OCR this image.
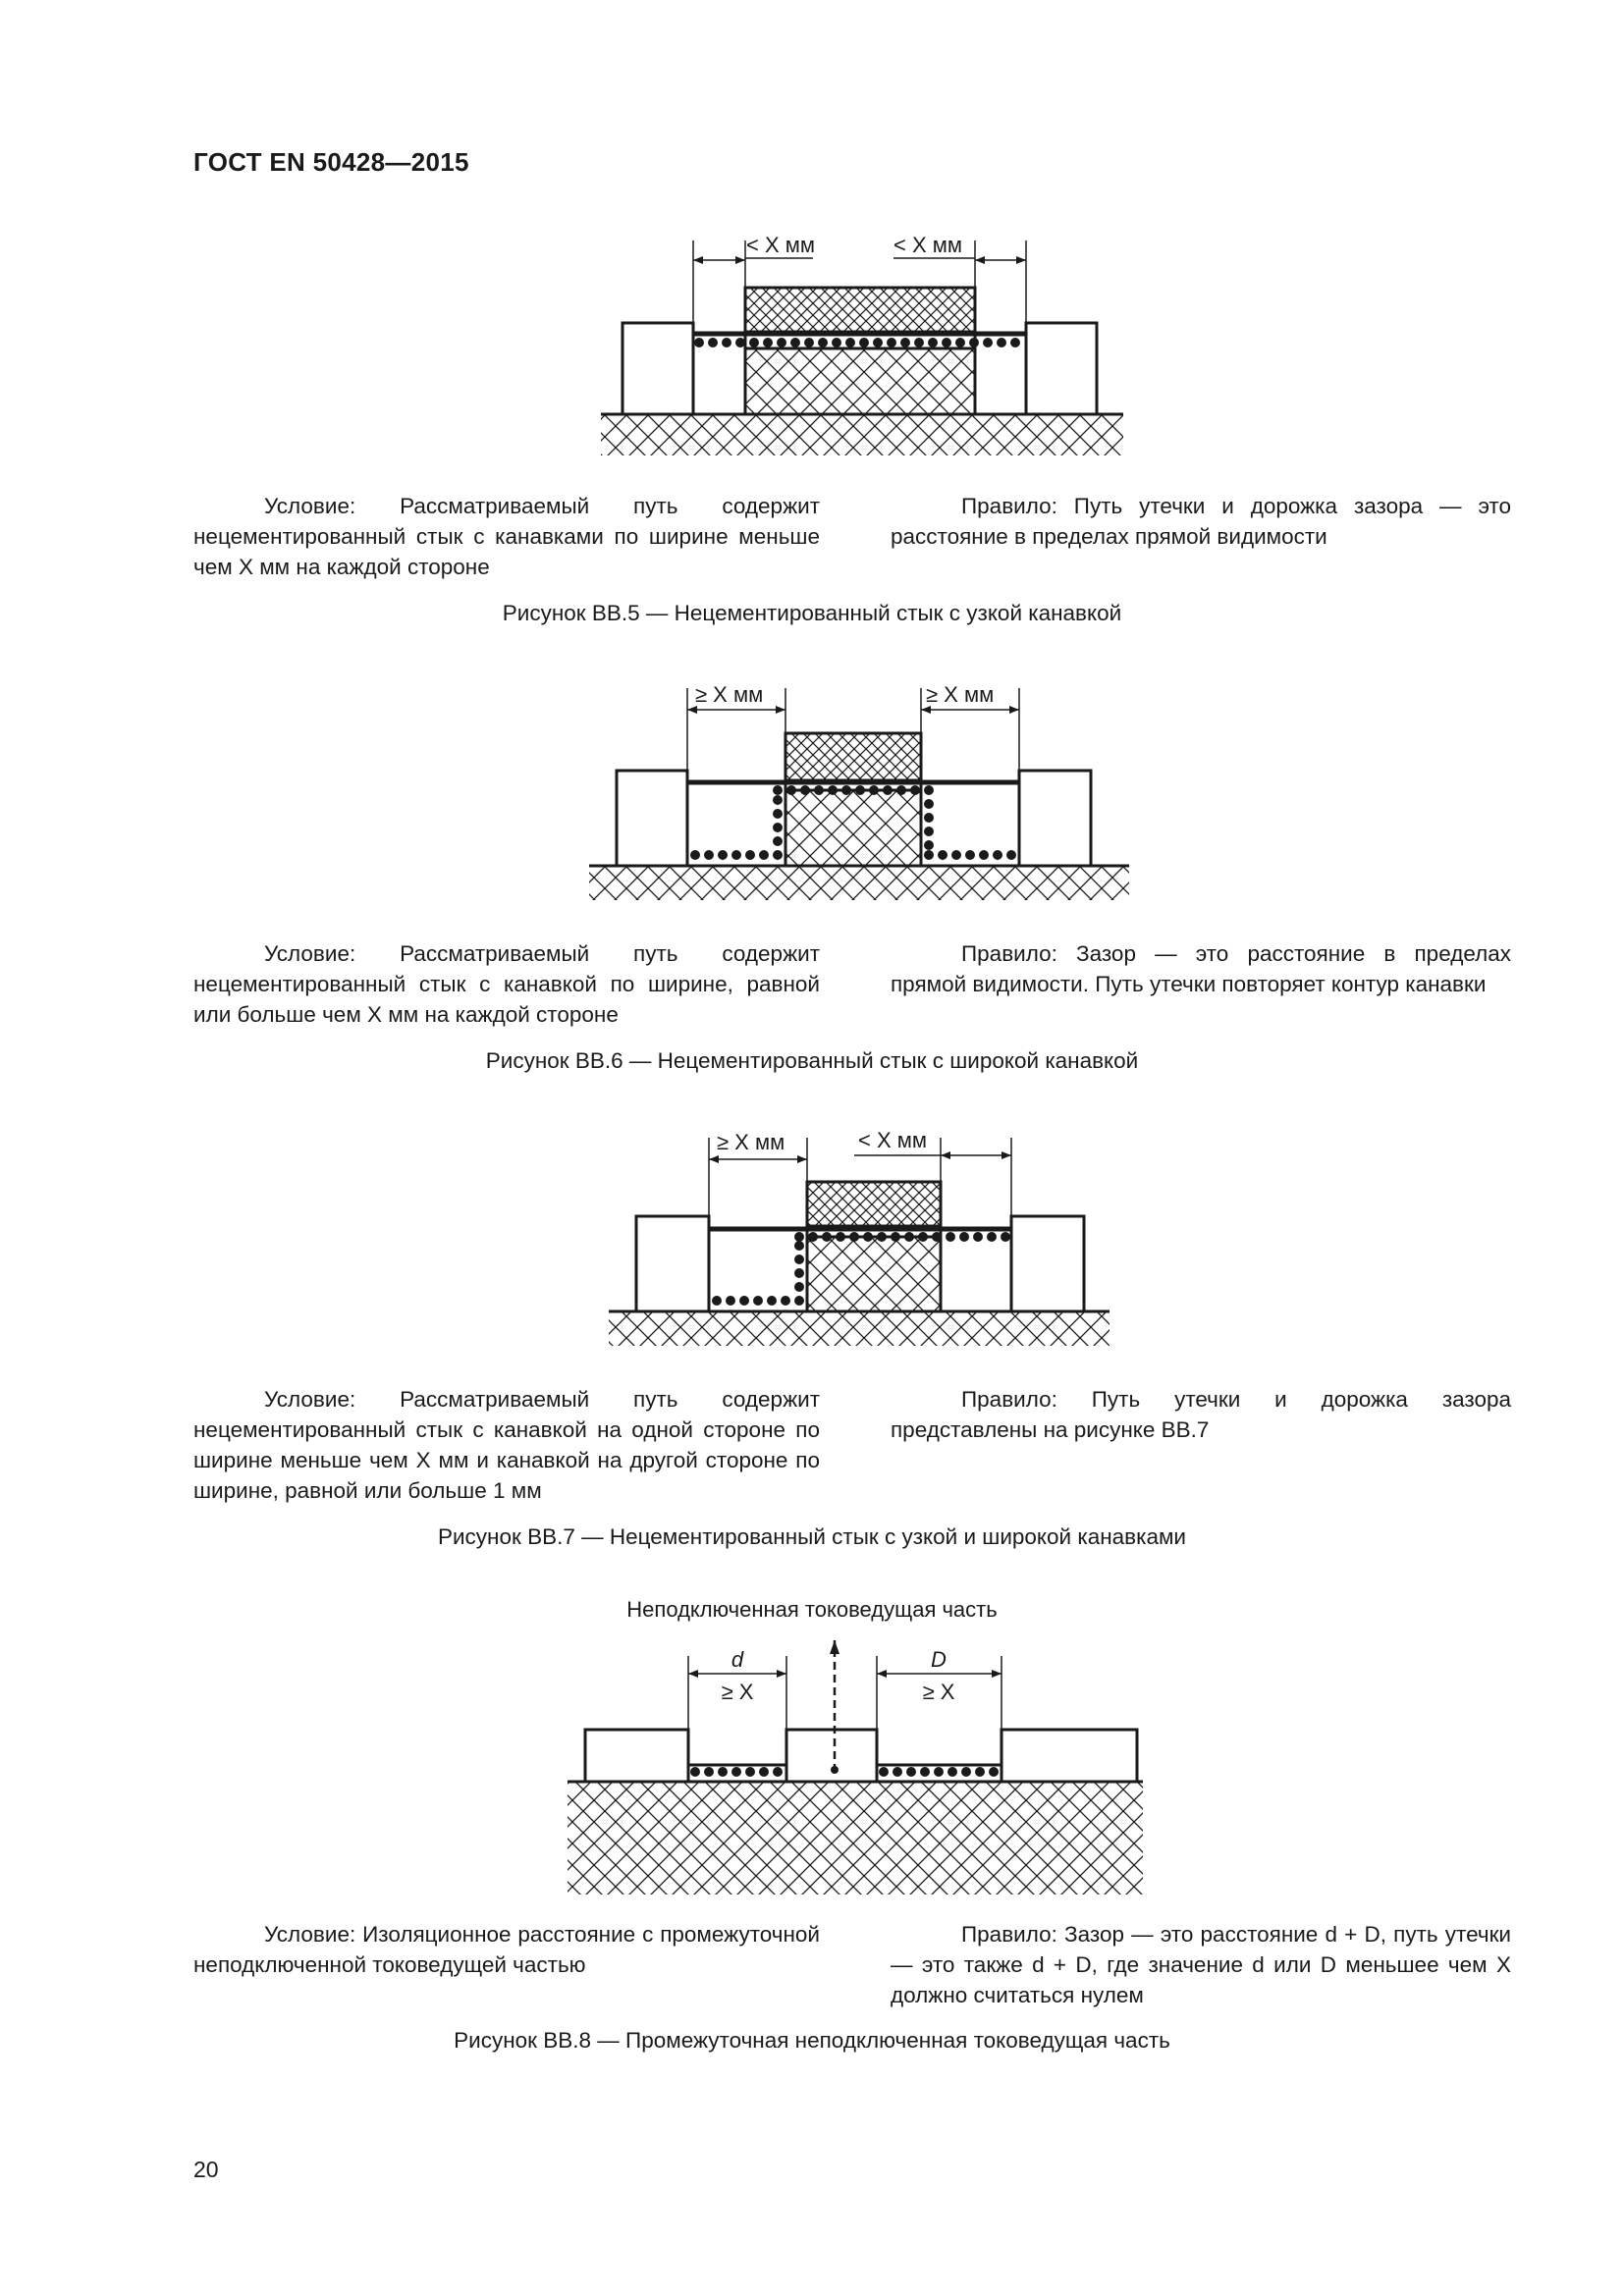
ГОСТ EN 50428—2015
< X мм	< X мм
Условие: Рассматриваемый путь содержит нецементированный стык с канавками по ширине меньше чем X мм на каждой стороне
Правило: Путь утечки и дорожка зазора — это расстояние в пределах прямой видимости
Рисунок ВВ.5 — Нецементированный стык с узкой канавкой
≥ X мм	≥ X мм
Условие: Рассматриваемый путь содержит нецементированный стык с канавкой по ширине, равной или больше чем X мм на каждой стороне
Правило: Зазор — это расстояние в пределах прямой видимости. Путь утечки повторяет контур канавки
Рисунок ВВ.6 — Нецементированный стык с широкой канавкой
≥ X мм	< X мм
Условие: Рассматриваемый путь содержит нецементированный стык с канавкой на одной стороне по ширине меньше чем X мм и канавкой на другой стороне по ширине, равной или больше 1 мм
Правило: Путь утечки и дорожка зазора представлены на рисунке ВВ.7
Рисунок ВВ.7 — Нецементированный стык с узкой и широкой канавками
Неподключенная токоведущая часть
d
≥ X
D
≥ X
Условие: Изоляционное расстояние с промежуточной неподключенной токоведущей частью
Правило: Зазор — это расстояние d + D, путь утечки — это также d + D, где значение d или D меньшее чем X должно считаться нулем
Рисунок ВВ.8 — Промежуточная неподключенная токоведущая часть
20
